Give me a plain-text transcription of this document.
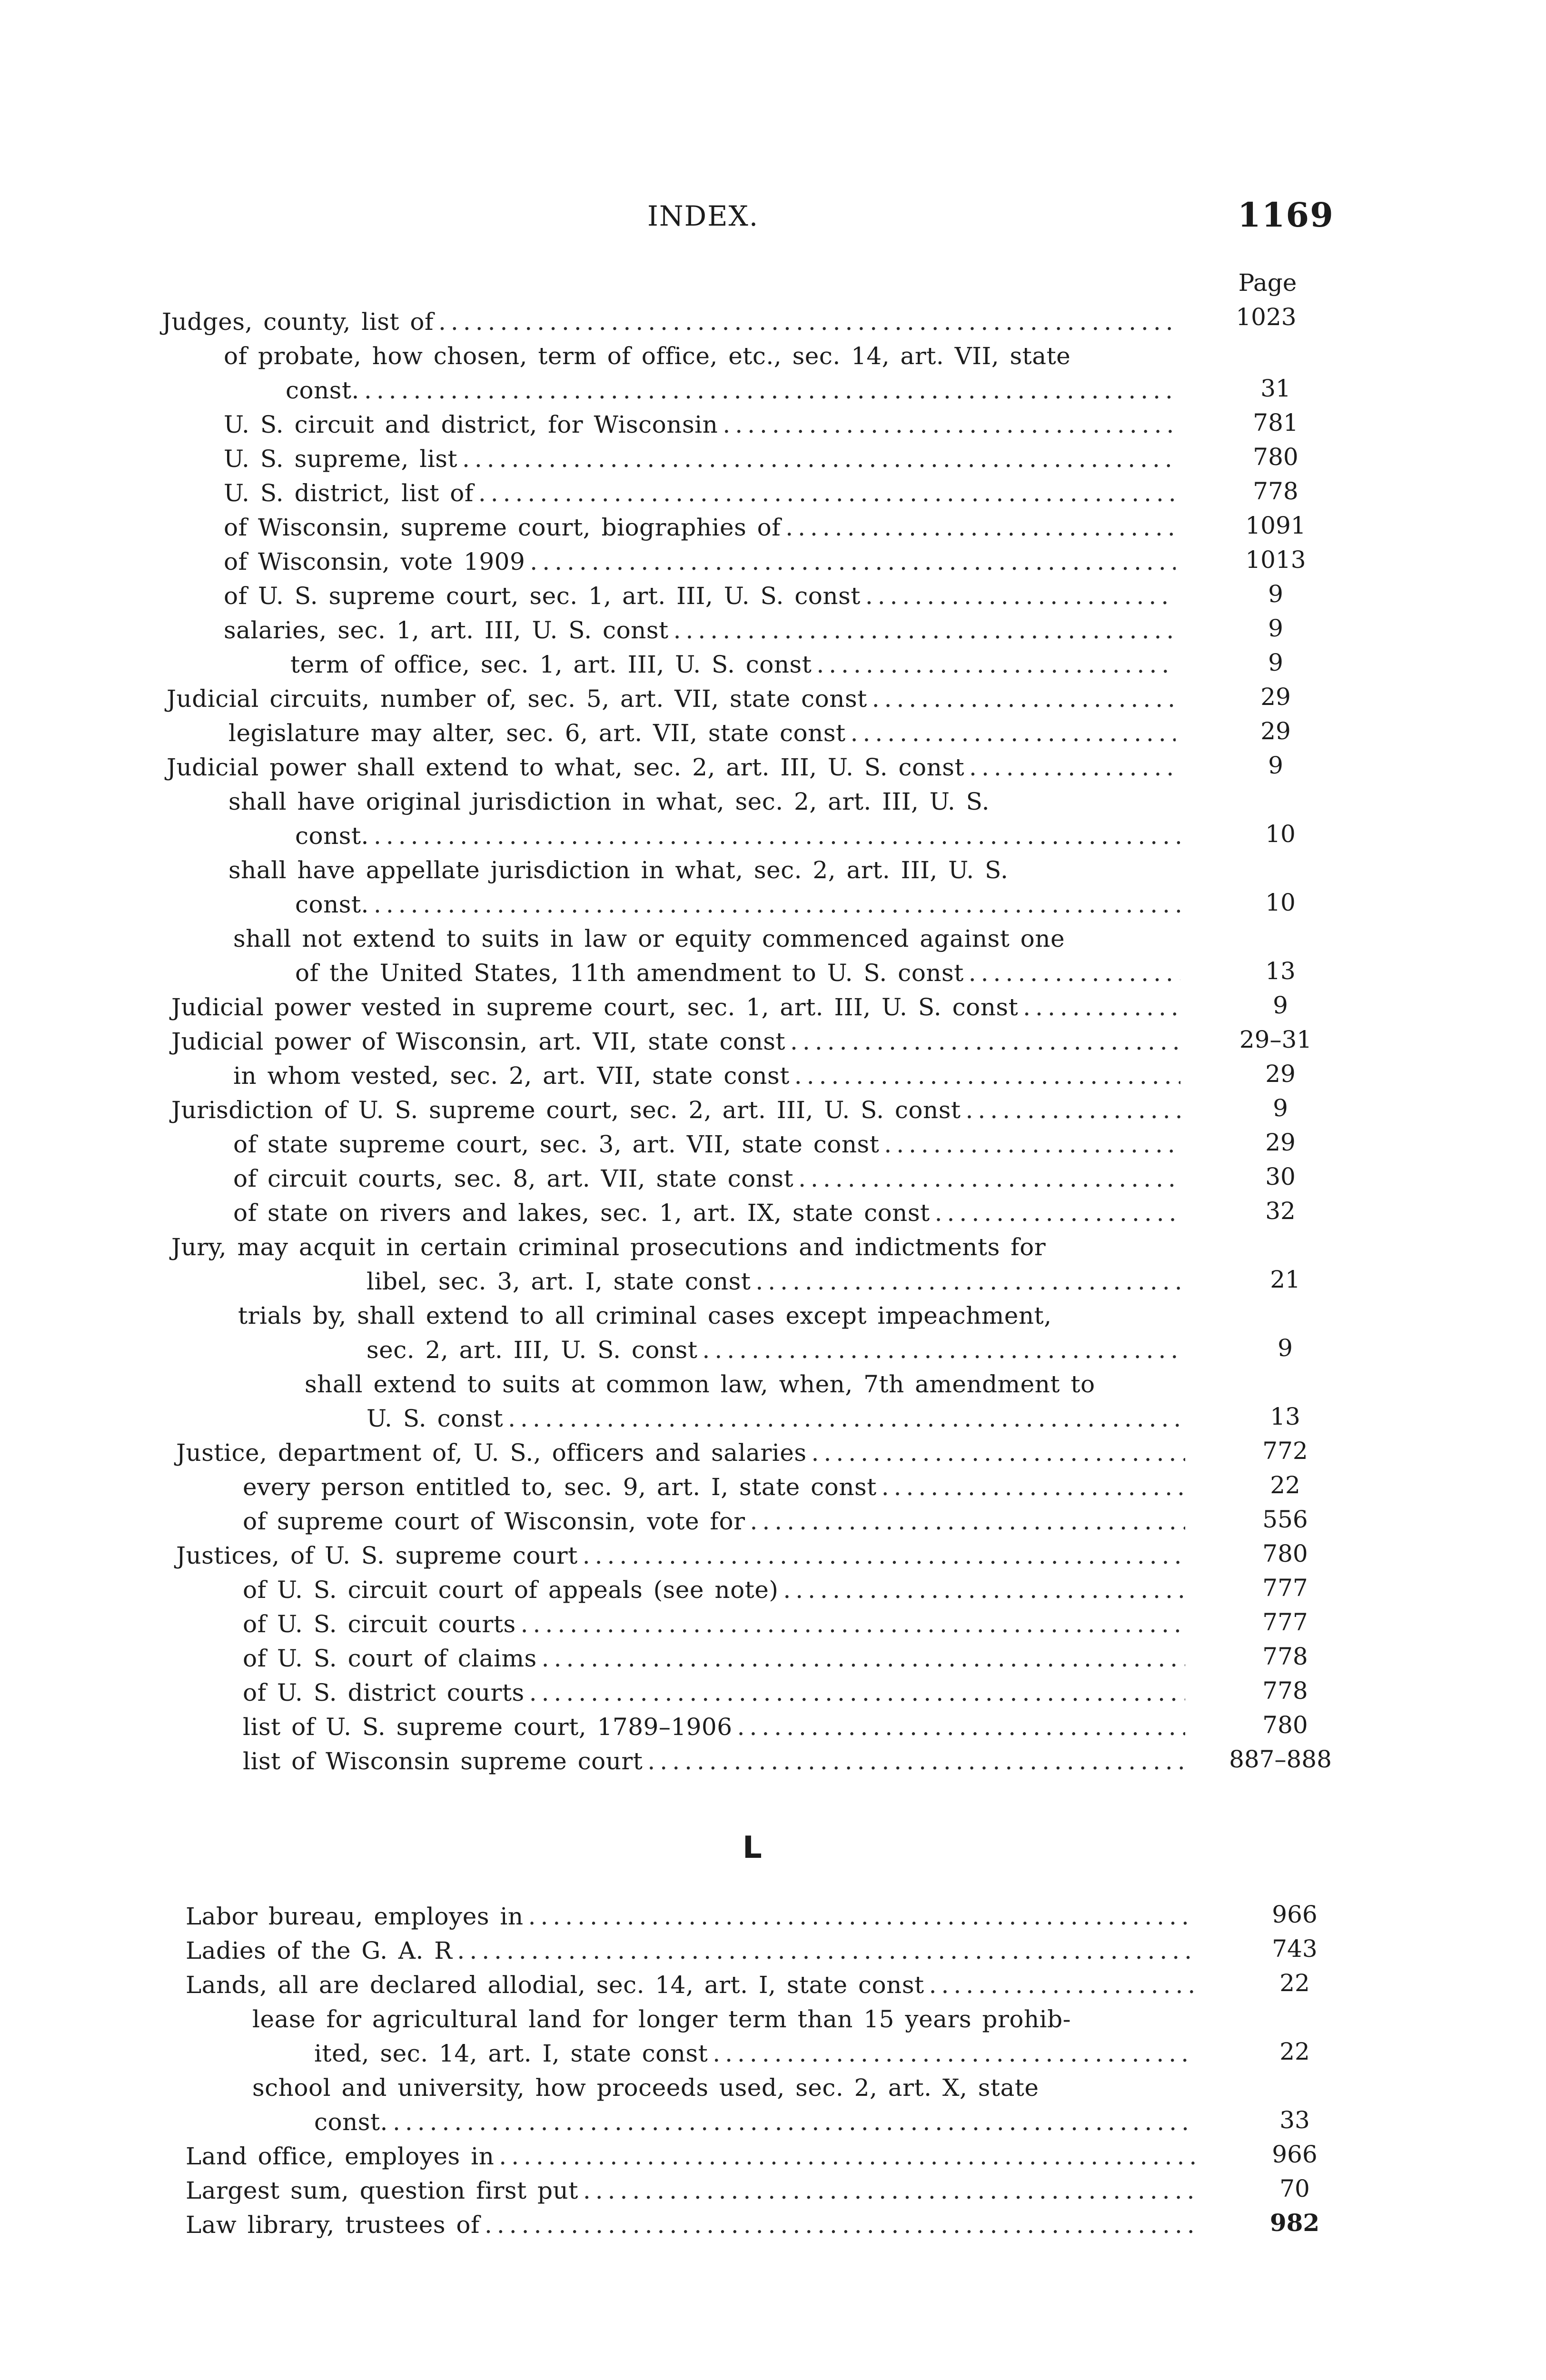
INDEX.	1169
Page
Judges, county, list of .....	1023
of probate, how chosen, term of office, etc., sec. 14, art. VII, state
const. .....	31
U. S. circuit and district, for Wisconsin .....	781
U. S. supreme, list .....	780
U. S. district, list of .....	778
of Wisconsin, supreme court, biographies of .....	1091
of Wisconsin, vote 1909 .....	1013
of U. S. supreme court, sec. 1, art. III, U. S. const .....	9
salaries, sec. 1, art. III, U. S. const .....	9
term of office, sec. 1, art. III, U. S. const .....	9
Judicial circuits, number of, sec. 5, art. VII, state const .....	29
legislature may alter, sec. 6, art. VII, state const .....	29
Judicial power shall extend to what, sec. 2, art. III, U. S. const .....	9
shall have original jurisdiction in what, sec. 2, art. III, U. S.
const. .....	10
shall have appellate jurisdiction in what, sec. 2, art. III, U. S.
const. .....	10
shall not extend to suits in law or equity commenced against one
of the United States, 11th amendment to U. S. const .....	13
Judicial power vested in supreme court, sec. 1, art. III, U. S. const .....	9
Judicial power of Wisconsin, art. VII, state const .....	29–31
in whom vested, sec. 2, art. VII, state const .....	29
Jurisdiction of U. S. supreme court, sec. 2, art. III, U. S. const .....	9
of state supreme court, sec. 3, art. VII, state const .....	29
of circuit courts, sec. 8, art. VII, state const .....	30
of state on rivers and lakes, sec. 1, art. IX, state const .....	32
Jury, may acquit in certain criminal prosecutions and indictments for
libel, sec. 3, art. I, state const .....	21
trials by, shall extend to all criminal cases except impeachment,
sec. 2, art. III, U. S. const .....	9
shall extend to suits at common law, when, 7th amendment to
U. S. const .....	13
Justice, department of, U. S., officers and salaries .....	772
every person entitled to, sec. 9, art. I, state const .....	22
of supreme court of Wisconsin, vote for .....	556
Justices, of U. S. supreme court .....	780
of U. S. circuit court of appeals (see note) .....	777
of U. S. circuit courts .....	777
of U. S. court of claims .....	778
of U. S. district courts .....	778
list of U. S. supreme court, 1789–1906 .....	780
list of Wisconsin supreme court .....	887–888
L
Labor bureau, employes in .....	966
Ladies of the G. A. R .....	743
Lands, all are declared allodial, sec. 14, art. I, state const .....	22
lease for agricultural land for longer term than 15 years prohib-
ited, sec. 14, art. I, state const .....	22
school and university, how proceeds used, sec. 2, art. X, state
const. .....	33
Land office, employes in .....	966
Largest sum, question first put .....	70
Law library, trustees of .....	982
